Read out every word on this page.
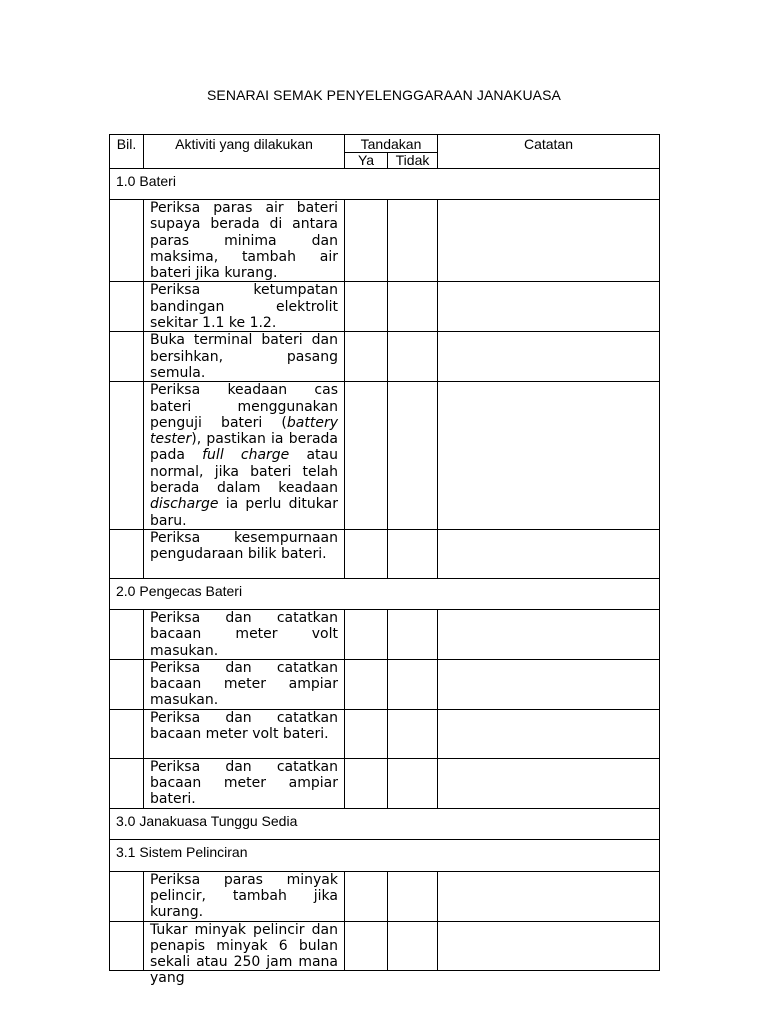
SENARAI SEMAK PENYELENGGARAAN JANAKUASA
Bil.	Aktiviti yang dilakukan	Tandakan		Catatan
		Ya	Tidak	
1.0 Bateri				

	Periksa paras air bateri supaya berada di antara paras minima dan maksima, tambah air bateri jika kurang.			

	Periksa ketumpatan bandingan elektrolit sekitar 1.1 ke 1.2.			

	Buka terminal bateri dan bersihkan, pasang semula.			

	Periksa keadaan cas bateri menggunakan penguji bateri (battery tester), pastikan ia berada pada full charge atau normal, jika bateri telah berada dalam keadaan discharge ia perlu ditukar baru.			

	Periksa kesempurnaan pengudaraan bilik bateri.			

2.0 Pengecas Bateri				

	Periksa dan catatkan bacaan meter volt masukan.			

	Periksa dan catatkan bacaan meter ampiar masukan.			

	Periksa dan catatkan bacaan meter volt bateri.			

	Periksa dan catatkan bacaan meter ampiar bateri.			

3.0 Janakuasa Tunggu Sedia				
3.1 Sistem Pelinciran				

	Periksa paras minyak pelincir, tambah jika kurang.			

	Tukar minyak pelincir dan penapis minyak 6 bulan sekali atau 250 jam mana yang			
